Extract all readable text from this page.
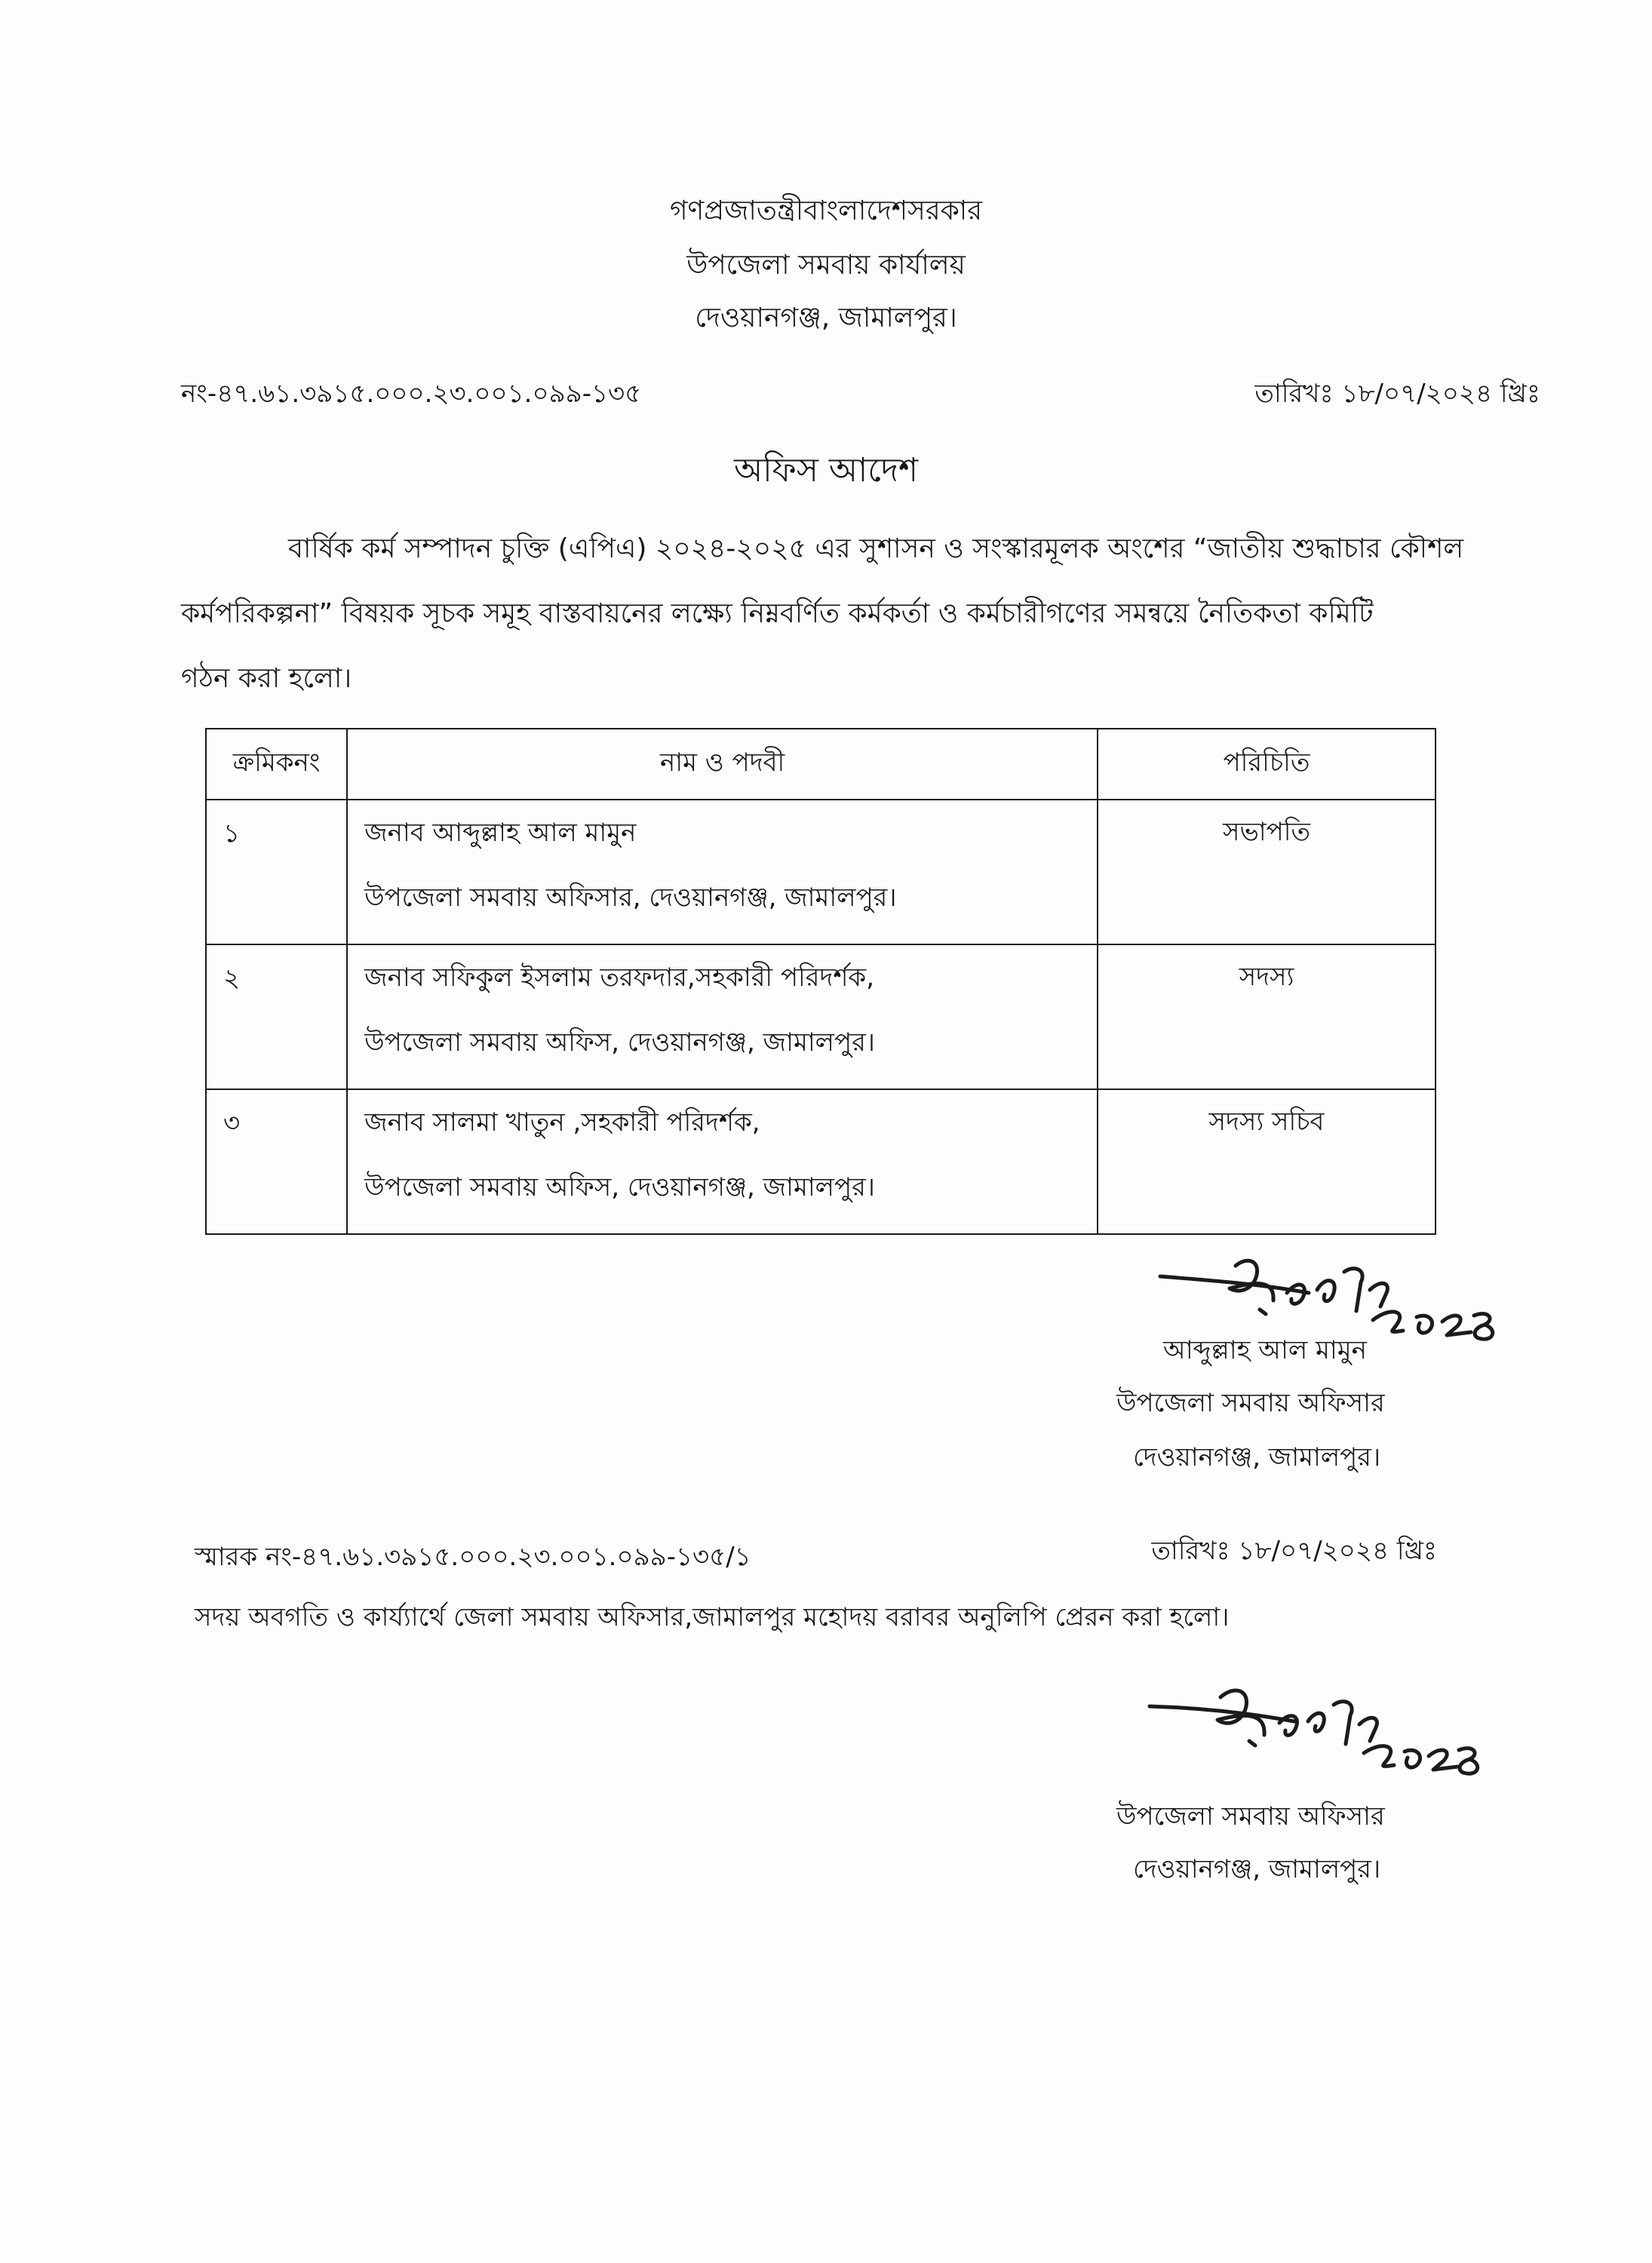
গণপ্রজাতন্ত্রীবাংলাদেশসরকার
উপজেলা সমবায় কার্যালয়
দেওয়ানগঞ্জ, জামালপুর।
নং-৪৭.৬১.৩৯১৫.০০০.২৩.০০১.০৯৯-১৩৫	তারিখঃ ১৮/০৭/২০২৪ খ্রিঃ
অফিস আদেশ
বার্ষিক কর্ম সম্পাদন চুক্তি (এপিএ) ২০২৪-২০২৫ এর সুশাসন ও সংস্কারমূলক অংশের “জাতীয় শুদ্ধাচার কৌশল
কর্মপরিকল্পনা” বিষয়ক সূচক সমূহ বাস্তবায়নের লক্ষ্যে নিম্নবর্ণিত কর্মকর্তা ও কর্মচারীগণের সমন্বয়ে নৈতিকতা কমিটি
গঠন করা হলো।
ক্রমিকনং	নাম ও পদবী	পরিচিতি
১	জনাব আব্দুল্লাহ আল মামুন
উপজেলা সমবায় অফিসার, দেওয়ানগঞ্জ, জামালপুর।	সভাপতি
২	জনাব সফিকুল ইসলাম তরফদার,সহকারী পরিদর্শক,
উপজেলা সমবায় অফিস, দেওয়ানগঞ্জ, জামালপুর।	সদস্য
৩	জনাব সালমা খাতুন ,সহকারী পরিদর্শক,
উপজেলা সমবায় অফিস, দেওয়ানগঞ্জ, জামালপুর।	সদস্য সচিব
আব্দুল্লাহ আল মামুন
উপজেলা সমবায় অফিসার
দেওয়ানগঞ্জ, জামালপুর।
স্মারক নং-৪৭.৬১.৩৯১৫.০০০.২৩.০০১.০৯৯-১৩৫/১	তারিখঃ ১৮/০৭/২০২৪ খ্রিঃ
সদয় অবগতি ও কার্য্যার্থে জেলা সমবায় অফিসার,জামালপুর মহোদয় বরাবর অনুলিপি প্রেরন করা হলো।
উপজেলা সমবায় অফিসার
দেওয়ানগঞ্জ, জামালপুর।
